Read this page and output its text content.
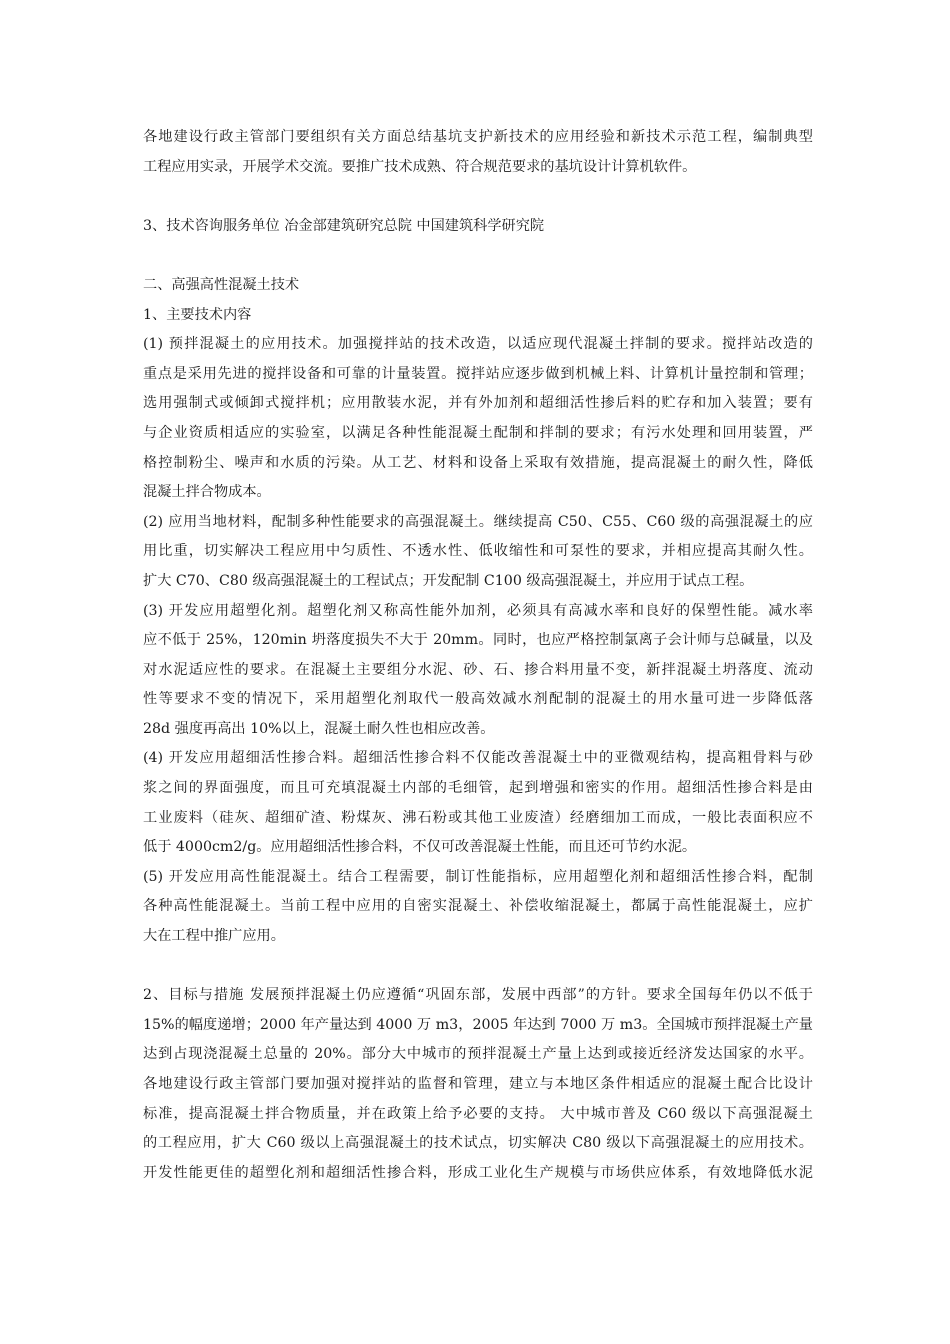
各地建设行政主管部门要组织有关方面总结基坑支护新技术的应用经验和新技术示范工程，编制典型
工程应用实录，开展学术交流。要推广技术成熟、符合规范要求的基坑设计计算机软件。
3、技术咨询服务单位 冶金部建筑研究总院 中国建筑科学研究院
二、高强高性混凝土技术
1、主要技术内容
(1) 预拌混凝土的应用技术。加强搅拌站的技术改造，以适应现代混凝土拌制的要求。搅拌站改造的
重点是采用先进的搅拌设备和可靠的计量装置。搅拌站应逐步做到机械上料、计算机计量控制和管理；
选用强制式或倾卸式搅拌机；应用散装水泥，并有外加剂和超细活性掺后料的贮存和加入装置；要有
与企业资质相适应的实验室，以满足各种性能混凝土配制和拌制的要求；有污水处理和回用装置，严
格控制粉尘、噪声和水质的污染。从工艺、材料和设备上采取有效措施，提高混凝土的耐久性，降低
混凝土拌合物成本。
(2) 应用当地材料，配制多种性能要求的高强混凝土。继续提高 C50、C55、C60 级的高强混凝土的应
用比重，切实解决工程应用中匀质性、不透水性、低收缩性和可泵性的要求，并相应提高其耐久性。
扩大 C70、C80 级高强混凝土的工程试点；开发配制 C100 级高强混凝土，并应用于试点工程。
(3) 开发应用超塑化剂。超塑化剂又称高性能外加剂，必须具有高减水率和良好的保塑性能。减水率
应不低于 25%，120min 坍落度损失不大于 20mm。同时，也应严格控制氯离子会计师与总碱量，以及
对水泥适应性的要求。在混凝土主要组分水泥、砂、石、掺合料用量不变，新拌混凝土坍落度、流动
性等要求不变的情况下，采用超塑化剂取代一般高效减水剂配制的混凝土的用水量可进一步降低落
28d 强度再高出 10%以上，混凝土耐久性也相应改善。
(4) 开发应用超细活性掺合料。超细活性掺合料不仅能改善混凝土中的亚微观结构，提高粗骨料与砂
浆之间的界面强度，而且可充填混凝土内部的毛细管，起到增强和密实的作用。超细活性掺合料是由
工业废料（硅灰、超细矿渣、粉煤灰、沸石粉或其他工业废渣）经磨细加工而成，一般比表面积应不
低于 4000cm2/g。应用超细活性掺合料，不仅可改善混凝土性能，而且还可节约水泥。
(5) 开发应用高性能混凝土。结合工程需要，制订性能指标，应用超塑化剂和超细活性掺合料，配制
各种高性能混凝土。当前工程中应用的自密实混凝土、补偿收缩混凝土，都属于高性能混凝土，应扩
大在工程中推广应用。
2、目标与措施 发展预拌混凝土仍应遵循“巩固东部，发展中西部”的方针。要求全国每年仍以不低于
15%的幅度递增；2000 年产量达到 4000 万 m3，2005 年达到 7000 万 m3。全国城市预拌混凝土产量
达到占现浇混凝土总量的 20%。部分大中城市的预拌混凝土产量上达到或接近经济发达国家的水平。
各地建设行政主管部门要加强对搅拌站的监督和管理，建立与本地区条件相适应的混凝土配合比设计
标准，提高混凝土拌合物质量，并在政策上给予必要的支持。 大中城市普及 C60 级以下高强混凝土
的工程应用，扩大 C60 级以上高强混凝土的技术试点，切实解决 C80 级以下高强混凝土的应用技术。
开发性能更佳的超塑化剂和超细活性掺合料，形成工业化生产规模与市场供应体系，有效地降低水泥
